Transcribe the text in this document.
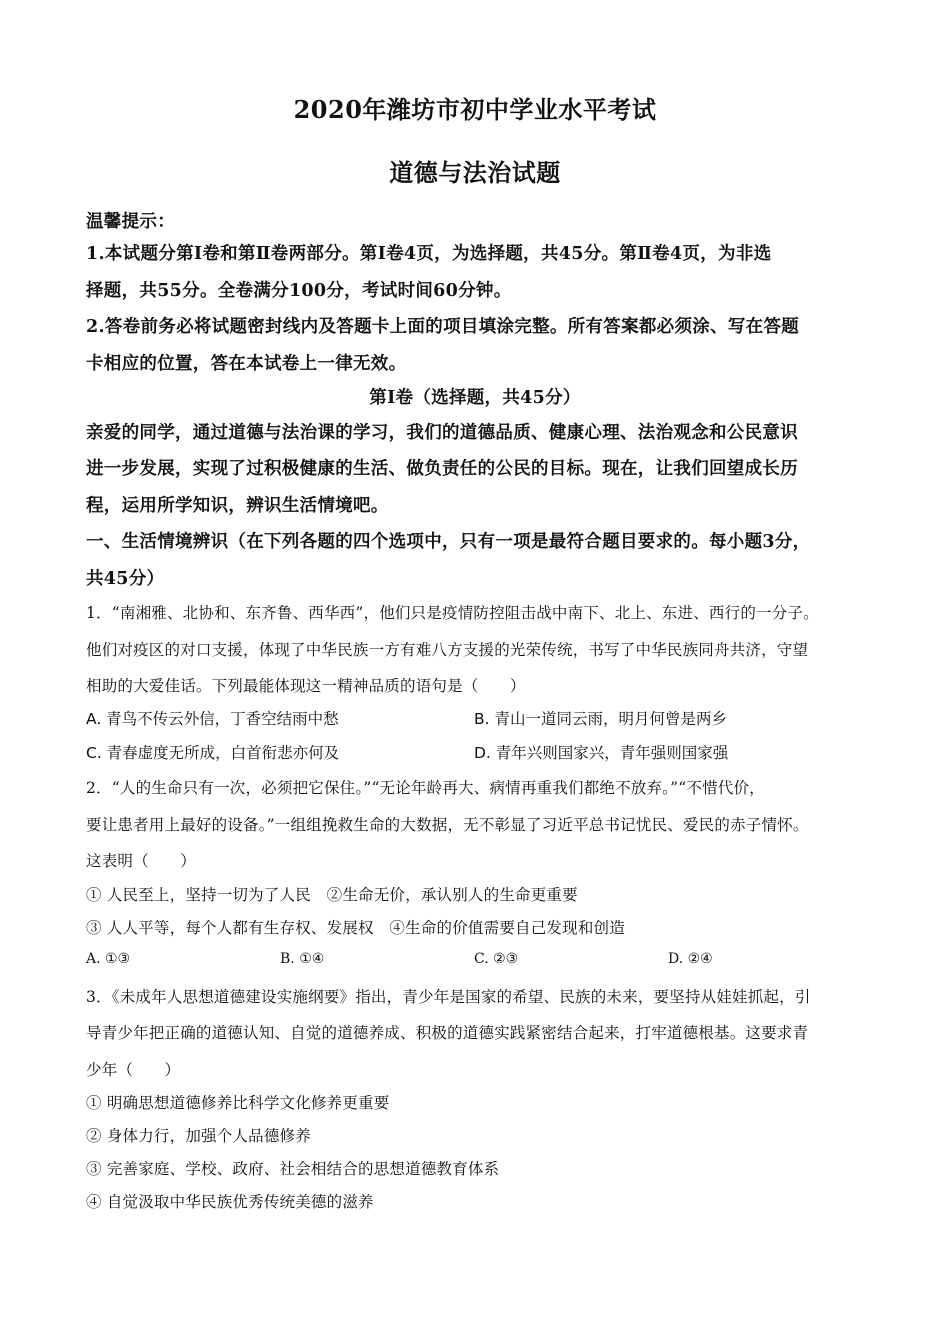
2020年潍坊市初中学业水平考试
道德与法治试题
温馨提示：
1.本试题分第Ⅰ卷和第Ⅱ卷两部分。第Ⅰ卷4页，为选择题，共45分。第Ⅱ卷4页，为非选
择题，共55分。全卷满分100分，考试时间60分钟。
2.答卷前务必将试题密封线内及答题卡上面的项目填涂完整。所有答案都必须涂、写在答题
卡相应的位置，答在本试卷上一律无效。
第Ⅰ卷（选择题，共45分）
亲爱的同学，通过道德与法治课的学习，我们的道德品质、健康心理、法治观念和公民意识
进一步发展，实现了过积极健康的生活、做负责任的公民的目标。现在，让我们回望成长历
程，运用所学知识，辨识生活情境吧。
一、生活情境辨识（在下列各题的四个选项中，只有一项是最符合题目要求的。每小题3分，
共45分）
1．“南湘雅、北协和、东齐鲁、西华西”，他们只是疫情防控阻击战中南下、北上、东进、西行的一分子。
他们对疫区的对口支援，体现了中华民族一方有难八方支援的光荣传统，书写了中华民族同舟共济，守望
相助的大爱佳话。下列最能体现这一精神品质的语句是（　　）
A. 青鸟不传云外信，丁香空结雨中愁	B. 青山一道同云雨，明月何曾是两乡
C. 青春虚度无所成，白首衔悲亦何及	D. 青年兴则国家兴，青年强则国家强
2．“人的生命只有一次，必须把它保住。”“无论年龄再大、病情再重我们都绝不放弃。”“不惜代价，
要让患者用上最好的设备。”一组组挽救生命的大数据，无不彰显了习近平总书记忧民、爱民的赤子情怀。
这表明（　　）
① 人民至上，坚持一切为了人民　②生命无价，承认别人的生命更重要
③ 人人平等，每个人都有生存权、发展权　④生命的价值需要自己发现和创造
A. ①③	B. ①④	C. ②③	D. ②④
3．《未成年人思想道德建设实施纲要》指出，青少年是国家的希望、民族的未来，要坚持从娃娃抓起，引
导青少年把正确的道德认知、自觉的道德养成、积极的道德实践紧密结合起来，打牢道德根基。这要求青
少年（　　）
① 明确思想道德修养比科学文化修养更重要
② 身体力行，加强个人品德修养
③ 完善家庭、学校、政府、社会相结合的思想道德教育体系
④ 自觉汲取中华民族优秀传统美德的滋养
